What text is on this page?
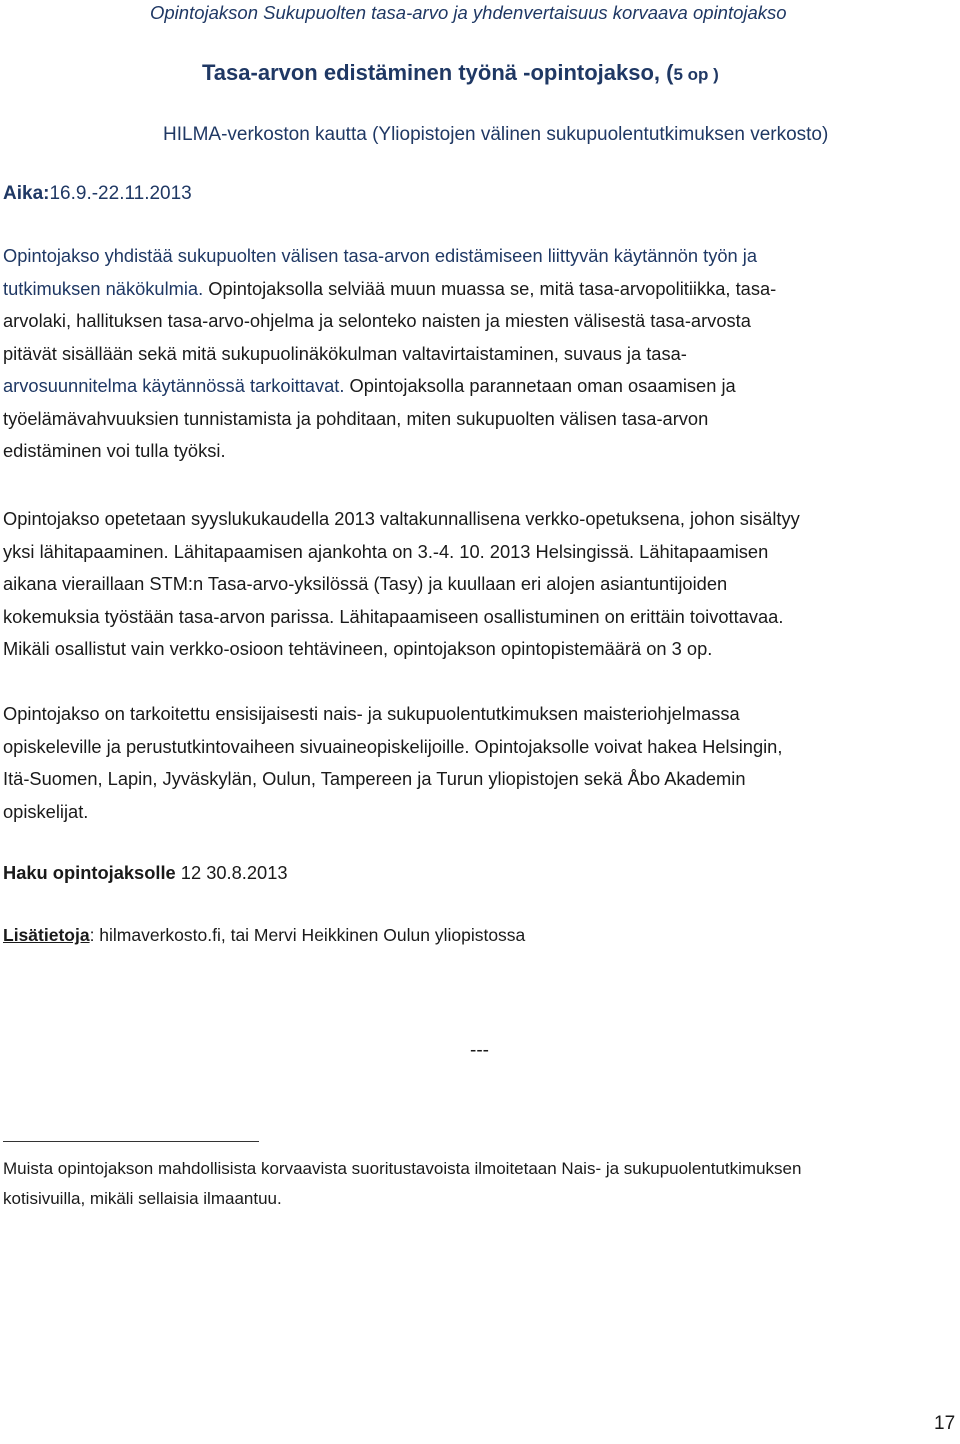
Opintojakson Sukupuolten tasa-arvo ja yhdenvertaisuus korvaava opintojakso
Tasa-arvon edistäminen työnä -opintojakso, (5 op )
HILMA-verkoston kautta (Yliopistojen välinen sukupuolentutkimuksen verkosto)
Aika:16.9.-22.11.2013
Opintojakso yhdistää sukupuolten välisen tasa-arvon edistämiseen liittyvän käytännön työn ja
tutkimuksen näkökulmia. Opintojaksolla selviää muun muassa se, mitä tasa-arvopolitiikka, tasa-
arvolaki, hallituksen tasa-arvo-ohjelma ja selonteko naisten ja miesten välisestä tasa-arvosta
pitävät sisällään sekä mitä sukupuolinäkökulman valtavirtaistaminen, suvaus ja tasa-
arvosuunnitelma käytännössä tarkoittavat. Opintojaksolla parannetaan oman osaamisen ja
työelämävahvuuksien tunnistamista ja pohditaan, miten sukupuolten välisen tasa-arvon
edistäminen voi tulla työksi.
Opintojakso opetetaan syyslukukaudella 2013 valtakunnallisena verkko-opetuksena, johon sisältyy
yksi lähitapaaminen. Lähitapaamisen ajankohta on 3.-4. 10. 2013 Helsingissä. Lähitapaamisen
aikana vieraillaan STM:n Tasa-arvo-yksilössä (Tasy) ja kuullaan eri alojen asiantuntijoiden
kokemuksia työstään tasa-arvon parissa. Lähitapaamiseen osallistuminen on erittäin toivottavaa.
Mikäli osallistut vain verkko-osioon tehtävineen, opintojakson opintopistemäärä on 3 op.
Opintojakso on tarkoitettu ensisijaisesti nais- ja sukupuolentutkimuksen maisteriohjelmassa
opiskeleville ja perustutkintovaiheen sivuaineopiskelijoille. Opintojaksolle voivat hakea Helsingin,
Itä-Suomen, Lapin, Jyväskylän, Oulun, Tampereen ja Turun yliopistojen sekä Åbo Akademin
opiskelijat.
Haku opintojaksolle 12 30.8.2013
Lisätietoja: hilmaverkosto.fi, tai Mervi Heikkinen Oulun yliopistossa
---
Muista opintojakson mahdollisista korvaavista suoritustavoista ilmoitetaan Nais- ja sukupuolentutkimuksen
kotisivuilla, mikäli sellaisia ilmaantuu.
17
